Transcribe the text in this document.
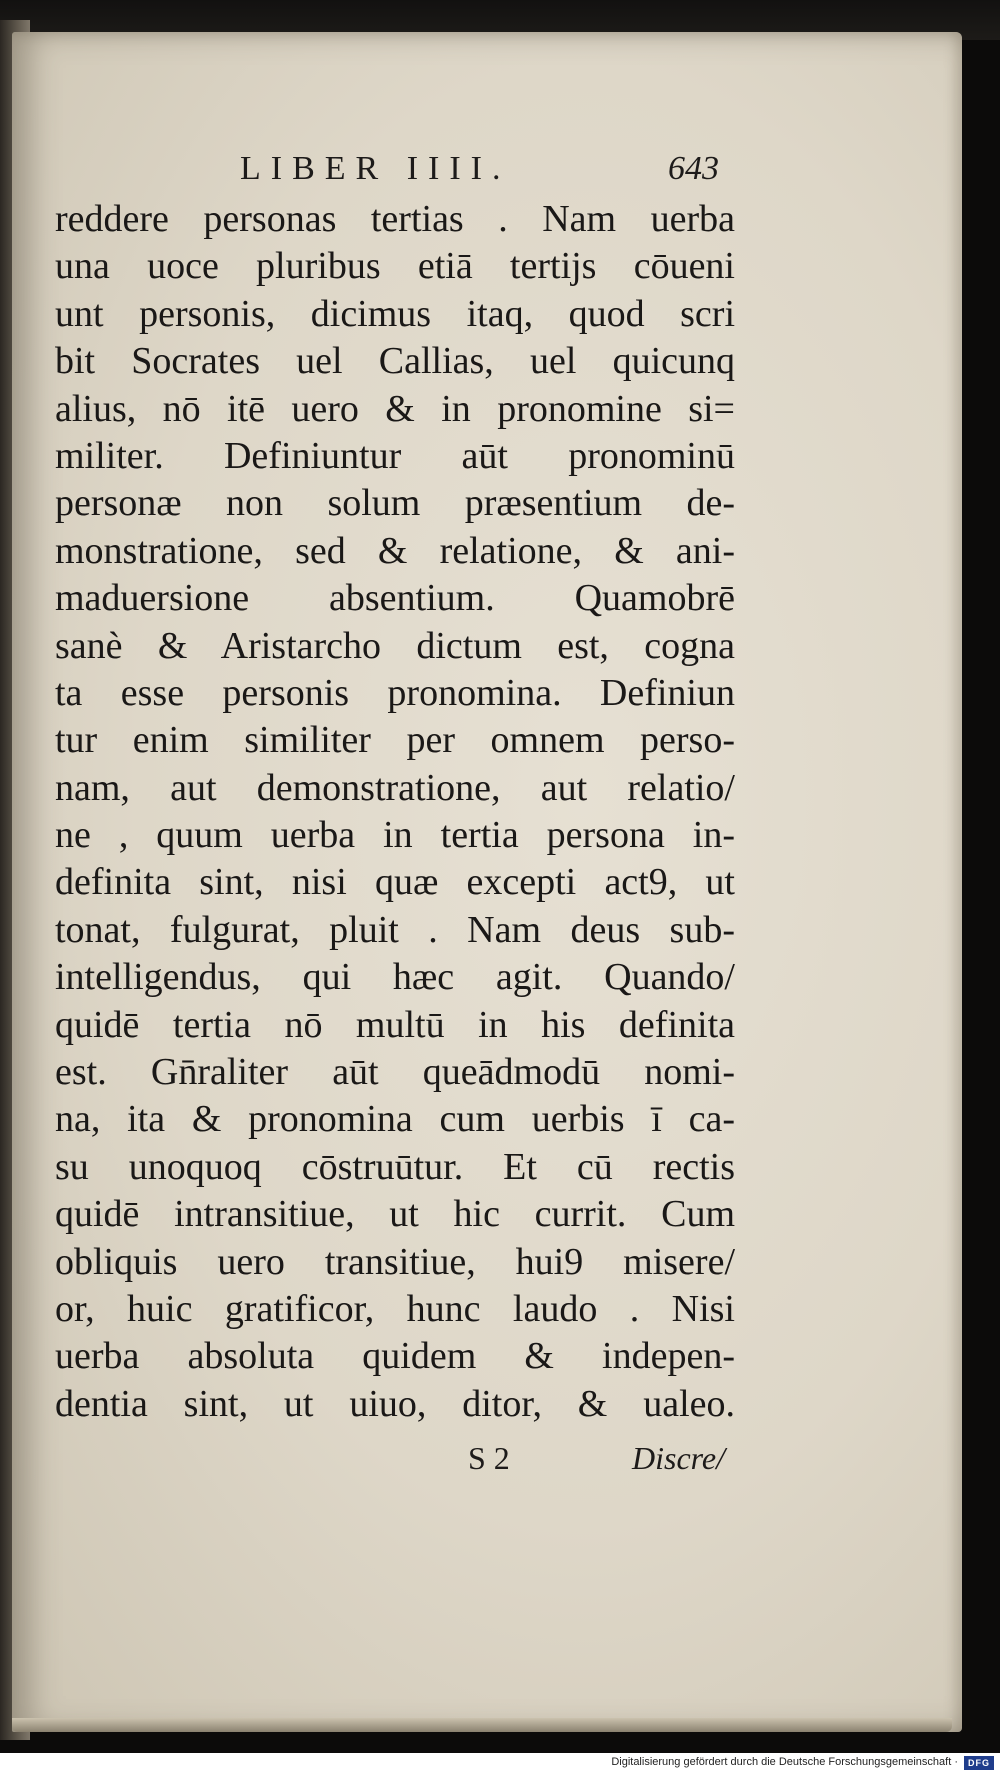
LIBER IIII.	643
reddere personas tertias . Nam uerba
una uoce pluribus etiā tertijs cōueni
unt personis, dicimus itaq, quod scri
bit Socrates uel Callias, uel quicunq
alius, nō itē uero & in pronomine si=
militer. Definiuntur aūt pronominū
personæ non solum præsentium de-
monstratione, sed & relatione, & ani-
maduersione absentium. Quamobrē
sanè & Aristarcho dictum est, cogna
ta esse personis pronomina. Definiun
tur enim similiter per omnem perso-
nam, aut demonstratione, aut relatio/
ne , quum uerba in tertia persona in-
definita sint, nisi quæ excepti act9, ut
tonat, fulgurat, pluit . Nam deus sub-
intelligendus, qui hæc agit. Quando/
quidē tertia nō multū in his definita
est. Gn̄raliter aūt queādmodū nomi-
na, ita & pronomina cum uerbis ī ca-
su unoquoq cōstruūtur. Et cū rectis
quidē intransitiue, ut hic currit. Cum
obliquis uero transitiue, hui9 misere/
or, huic gratificor, hunc laudo . Nisi
uerba absoluta quidem & indepen-
dentia sint, ut uiuo, ditor, & ualeo.
S 2	Discre/
Digitalisierung gefördert durch die Deutsche Forschungsgemeinschaft ·	DFG
